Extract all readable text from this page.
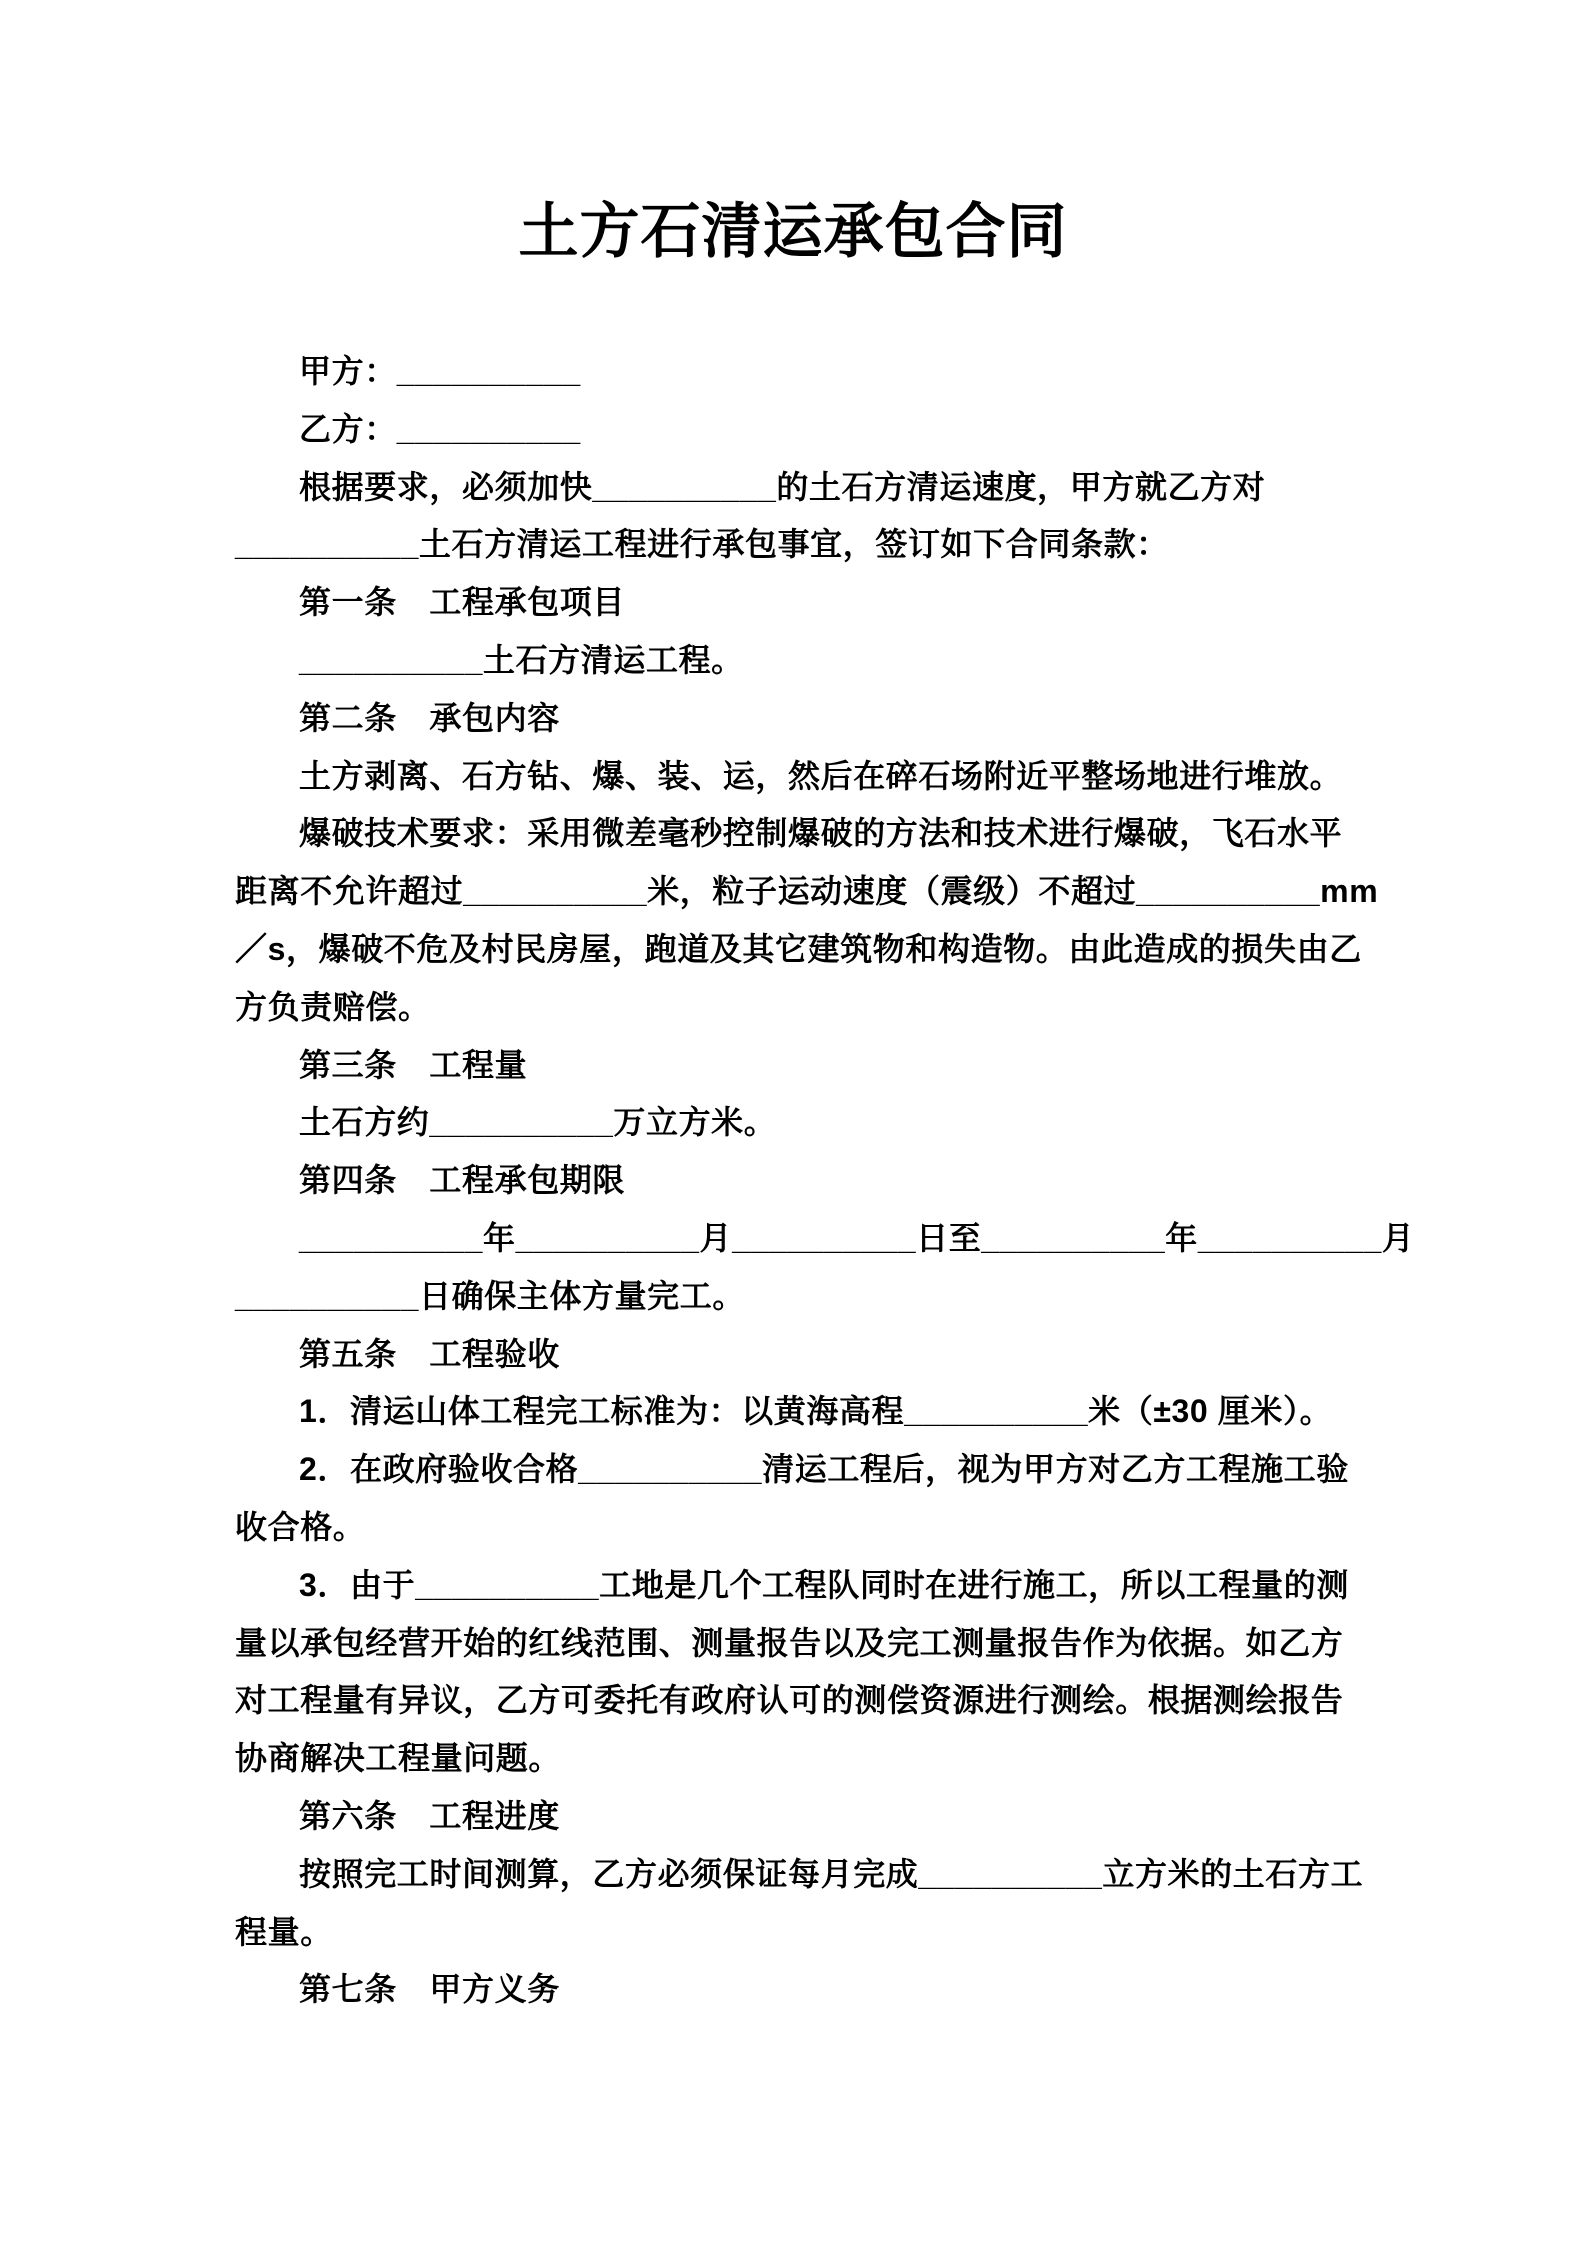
土方石清运承包合同

甲方：__________

乙方：__________

根据要求，必须加快__________的土石方清运速度，甲方就乙方对

__________土石方清运工程进行承包事宜，签订如下合同条款：

第一条　工程承包项目

__________土石方清运工程。

第二条　承包内容

土方剥离、石方钻、爆、装、运，然后在碎石场附近平整场地进行堆放。

爆破技术要求：采用微差毫秒控制爆破的方法和技术进行爆破，飞石水平

距离不允许超过__________米，粒子运动速度（震级）不超过__________mm

／s，爆破不危及村民房屋，跑道及其它建筑物和构造物。由此造成的损失由乙

方负责赔偿。

第三条　工程量

土石方约__________万立方米。

第四条　工程承包期限

__________年__________月__________日至__________年__________月

__________日确保主体方量完工。

第五条　工程验收

1．清运山体工程完工标准为：以黄海高程__________米（±30 厘米）。

2．在政府验收合格__________清运工程后，视为甲方对乙方工程施工验

收合格。

3．由于__________工地是几个工程队同时在进行施工，所以工程量的测

量以承包经营开始的红线范围、测量报告以及完工测量报告作为依据。如乙方

对工程量有异议，乙方可委托有政府认可的测偿资源进行测绘。根据测绘报告

协商解决工程量问题。

第六条　工程进度

按照完工时间测算，乙方必须保证每月完成__________立方米的土石方工

程量。

第七条　甲方义务
